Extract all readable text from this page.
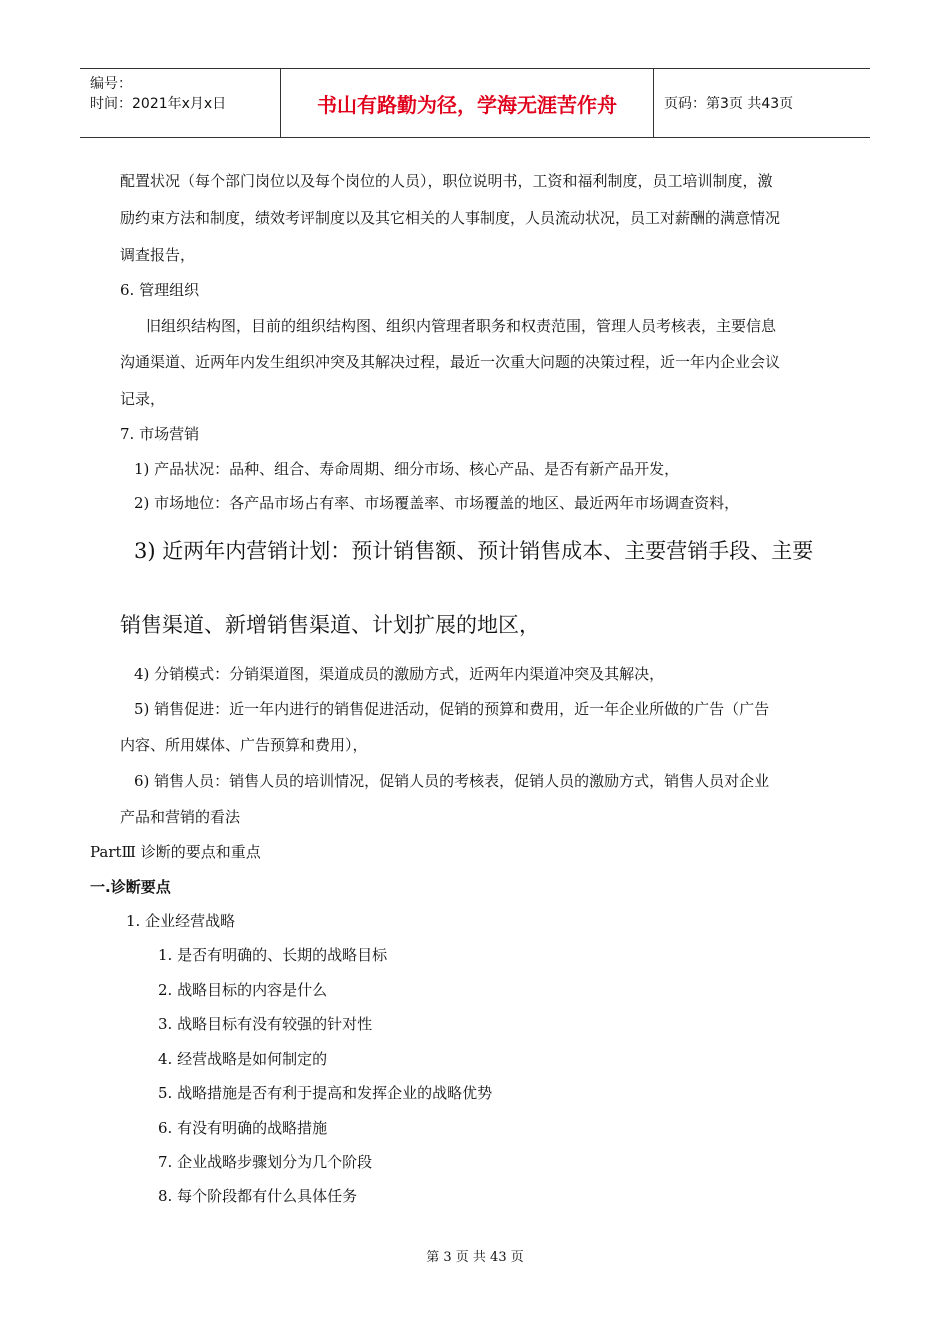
编号：
时间：2021年x月x日	书山有路勤为径，学海无涯苦作舟	页码：第3页 共43页
配置状况（每个部门岗位以及每个岗位的人员），职位说明书，工资和福利制度，员工培训制度，激
励约束方法和制度，绩效考评制度以及其它相关的人事制度，人员流动状况，员工对薪酬的满意情况
调查报告，
6. 管理组织
旧组织结构图，目前的组织结构图、组织内管理者职务和权责范围，管理人员考核表，主要信息
沟通渠道、近两年内发生组织冲突及其解决过程，最近一次重大问题的决策过程，近一年内企业会议
记录，
7. 市场营销
1) 产品状况：品种、组合、寿命周期、细分市场、核心产品、是否有新产品开发，
2) 市场地位：各产品市场占有率、市场覆盖率、市场覆盖的地区、最近两年市场调查资料，
3) 近两年内营销计划：预计销售额、预计销售成本、主要营销手段、主要
销售渠道、新增销售渠道、计划扩展的地区，
4) 分销模式：分销渠道图，渠道成员的激励方式，近两年内渠道冲突及其解决，
5) 销售促进：近一年内进行的销售促进活动，促销的预算和费用，近一年企业所做的广告（广告
内容、所用媒体、广告预算和费用），
6) 销售人员：销售人员的培训情况，促销人员的考核表，促销人员的激励方式，销售人员对企业
产品和营销的看法
PartⅢ 诊断的要点和重点
一.诊断要点
1. 企业经营战略
1. 是否有明确的、长期的战略目标
2. 战略目标的内容是什么
3. 战略目标有没有较强的针对性
4. 经营战略是如何制定的
5. 战略措施是否有利于提高和发挥企业的战略优势
6. 有没有明确的战略措施
7. 企业战略步骤划分为几个阶段
8. 每个阶段都有什么具体任务
第 3 页 共 43 页
